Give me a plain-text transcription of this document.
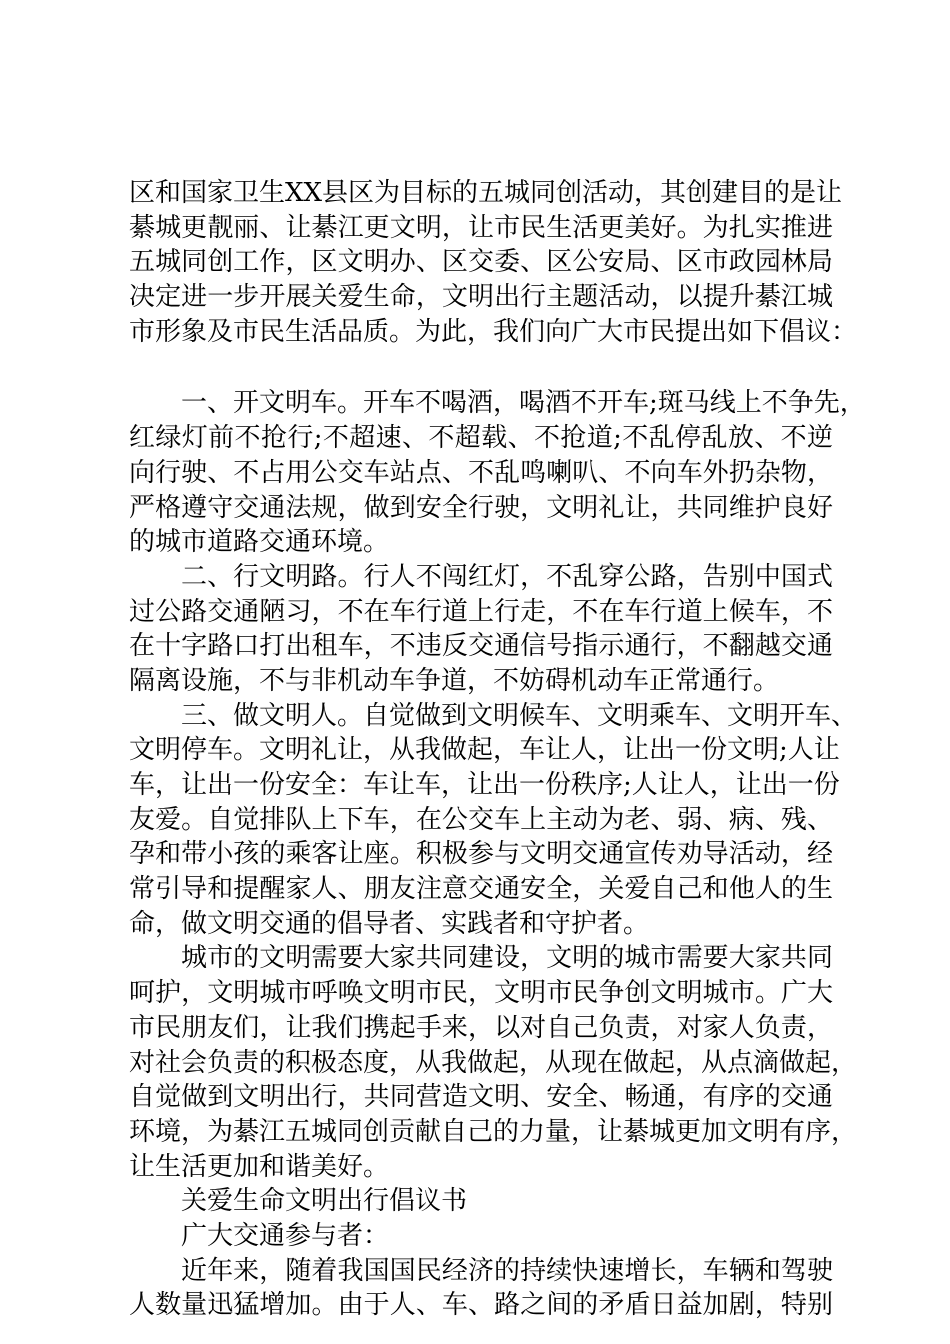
区和国家卫生XX县区为目标的五城同创活动，其创建目的是让
綦城更靓丽、让綦江更文明，让市民生活更美好。为扎实推进
五城同创工作，区文明办、区交委、区公安局、区市政园林局
决定进一步开展关爱生命，文明出行主题活动，以提升綦江城
市形象及市民生活品质。为此，我们向广大市民提出如下倡议：
一、开文明车。开车不喝酒，喝酒不开车;斑马线上不争先，
红绿灯前不抢行;不超速、不超载、不抢道;不乱停乱放、不逆
向行驶、不占用公交车站点、不乱鸣喇叭、不向车外扔杂物，
严格遵守交通法规，做到安全行驶，文明礼让，共同维护良好
的城市道路交通环境。
二、行文明路。行人不闯红灯，不乱穿公路，告别中国式
过公路交通陋习，不在车行道上行走，不在车行道上候车，不
在十字路口打出租车，不违反交通信号指示通行，不翻越交通
隔离设施，不与非机动车争道，不妨碍机动车正常通行。
三、做文明人。自觉做到文明候车、文明乘车、文明开车、
文明停车。文明礼让，从我做起，车让人，让出一份文明;人让
车，让出一份安全：车让车，让出一份秩序;人让人，让出一份
友爱。自觉排队上下车，在公交车上主动为老、弱、病、残、
孕和带小孩的乘客让座。积极参与文明交通宣传劝导活动，经
常引导和提醒家人、朋友注意交通安全，关爱自己和他人的生
命，做文明交通的倡导者、实践者和守护者。
城市的文明需要大家共同建设，文明的城市需要大家共同
呵护，文明城市呼唤文明市民，文明市民争创文明城市。广大
市民朋友们，让我们携起手来，以对自己负责，对家人负责，
对社会负责的积极态度，从我做起，从现在做起，从点滴做起，
自觉做到文明出行，共同营造文明、安全、畅通，有序的交通
环境，为綦江五城同创贡献自己的力量，让綦城更加文明有序，
让生活更加和谐美好。
关爱生命文明出行倡议书
广大交通参与者：
近年来，随着我国国民经济的持续快速增长，车辆和驾驶
人数量迅猛增加。由于人、车、路之间的矛盾日益加剧，特别
